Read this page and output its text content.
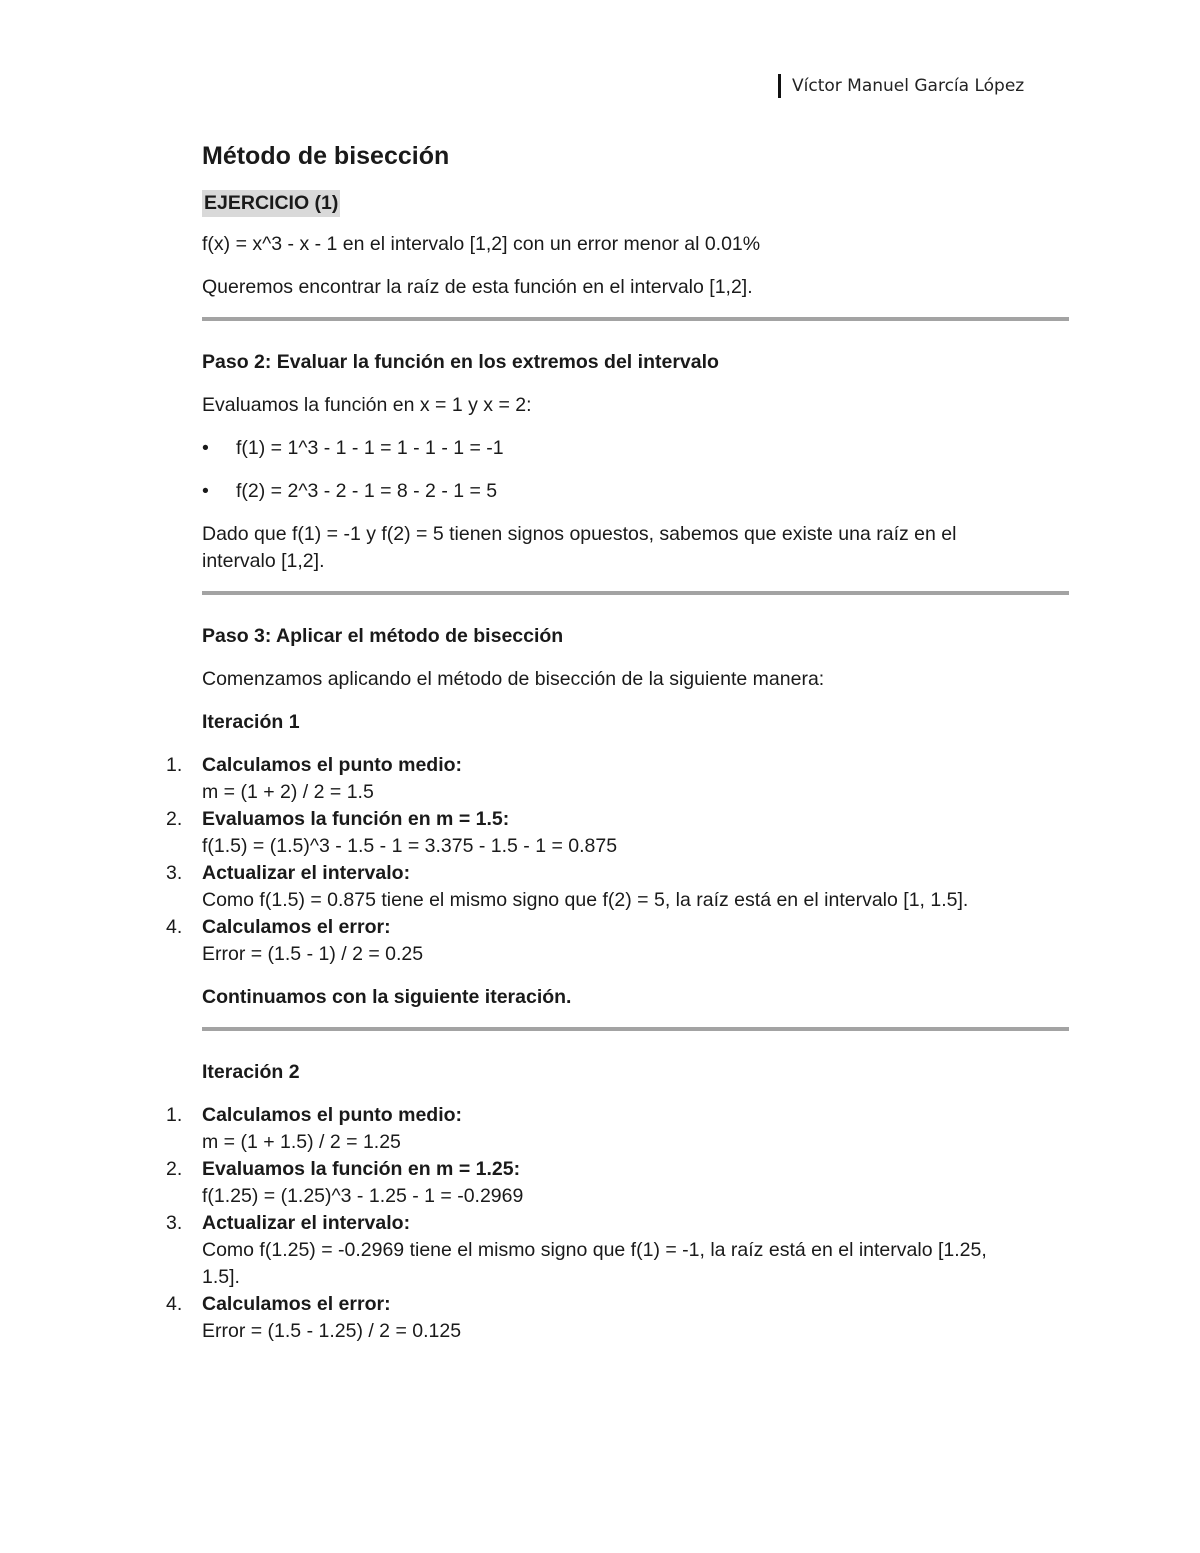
Víctor Manuel García López
Método de bisección
EJERCICIO (1)

f(x) = x^3 - x - 1 en el intervalo [1,2] con un error menor al 0.01%

Queremos encontrar la raíz de esta función en el intervalo [1,2].

Paso 2: Evaluar la función en los extremos del intervalo

Evaluamos la función en x = 1 y x = 2:

• f(1) = 1^3 - 1 - 1 = 1 - 1 - 1 = -1
• f(2) = 2^3 - 2 - 1 = 8 - 2 - 1 = 5

Dado que f(1) = -1 y f(2) = 5 tienen signos opuestos, sabemos que existe una raíz en el intervalo [1,2].

Paso 3: Aplicar el método de bisección

Comenzamos aplicando el método de bisección de la siguiente manera:

Iteración 1

1.	Calculamos el punto medio:
m = (1 + 2) / 2 = 1.5
2.	Evaluamos la función en m = 1.5:
f(1.5) = (1.5)^3 - 1.5 - 1 = 3.375 - 1.5 - 1 = 0.875
3.	Actualizar el intervalo:
Como f(1.5) = 0.875 tiene el mismo signo que f(2) = 5, la raíz está en el intervalo [1, 1.5].
4.	Calculamos el error:
Error = (1.5 - 1) / 2 = 0.25

Continuamos con la siguiente iteración.

Iteración 2

1.	Calculamos el punto medio:
m = (1 + 1.5) / 2 = 1.25
2.	Evaluamos la función en m = 1.25:
f(1.25) = (1.25)^3 - 1.25 - 1 = -0.2969
3.	Actualizar el intervalo:
Como f(1.25) = -0.2969 tiene el mismo signo que f(1) = -1, la raíz está en el intervalo [1.25, 1.5].
4.	Calculamos el error:
Error = (1.5 - 1.25) / 2 = 0.125
